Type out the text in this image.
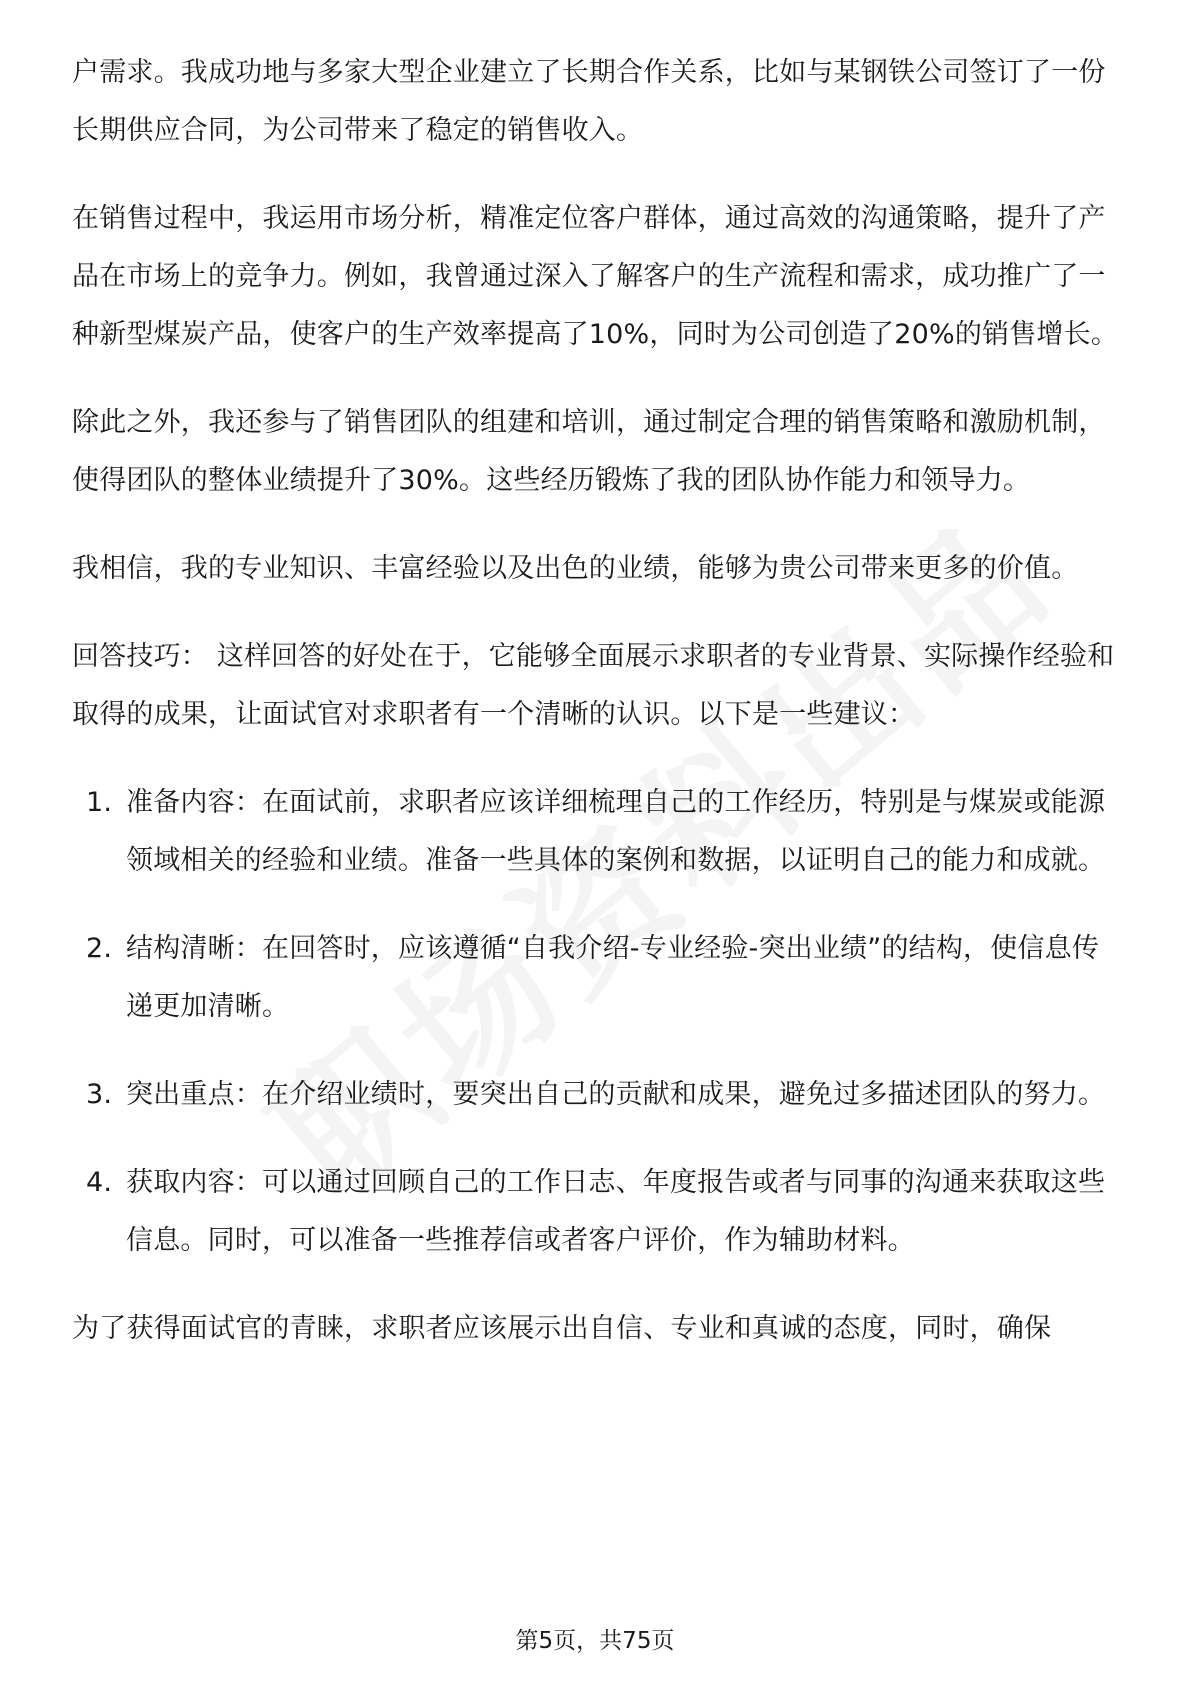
户需求。我成功地与多家大型企业建立了长期合作关系，比如与某钢铁公司签订了一份长期供应合同，为公司带来了稳定的销售收入。

在销售过程中，我运用市场分析，精准定位客户群体，通过高效的沟通策略，提升了产品在市场上的竞争力。例如，我曾通过深入了解客户的生产流程和需求，成功推广了一种新型煤炭产品，使客户的生产效率提高了10%，同时为公司创造了20%的销售增长。

除此之外，我还参与了销售团队的组建和培训，通过制定合理的销售策略和激励机制，使得团队的整体业绩提升了30%。这些经历锻炼了我的团队协作能力和领导力。

我相信，我的专业知识、丰富经验以及出色的业绩，能够为贵公司带来更多的价值。

回答技巧： 这样回答的好处在于，它能够全面展示求职者的专业背景、实际操作经验和取得的成果，让面试官对求职者有一个清晰的认识。以下是一些建议：

1. 准备内容：在面试前，求职者应该详细梳理自己的工作经历，特别是与煤炭或能源领域相关的经验和业绩。准备一些具体的案例和数据，以证明自己的能力和成就。
2. 结构清晰：在回答时，应该遵循“自我介绍-专业经验-突出业绩”的结构，使信息传递更加清晰。
3. 突出重点：在介绍业绩时，要突出自己的贡献和成果，避免过多描述团队的努力。
4. 获取内容：可以通过回顾自己的工作日志、年度报告或者与同事的沟通来获取这些信息。同时，可以准备一些推荐信或者客户评价，作为辅助材料。

为了获得面试官的青睐，求职者应该展示出自信、专业和真诚的态度，同时，确保

第5页，共75页
